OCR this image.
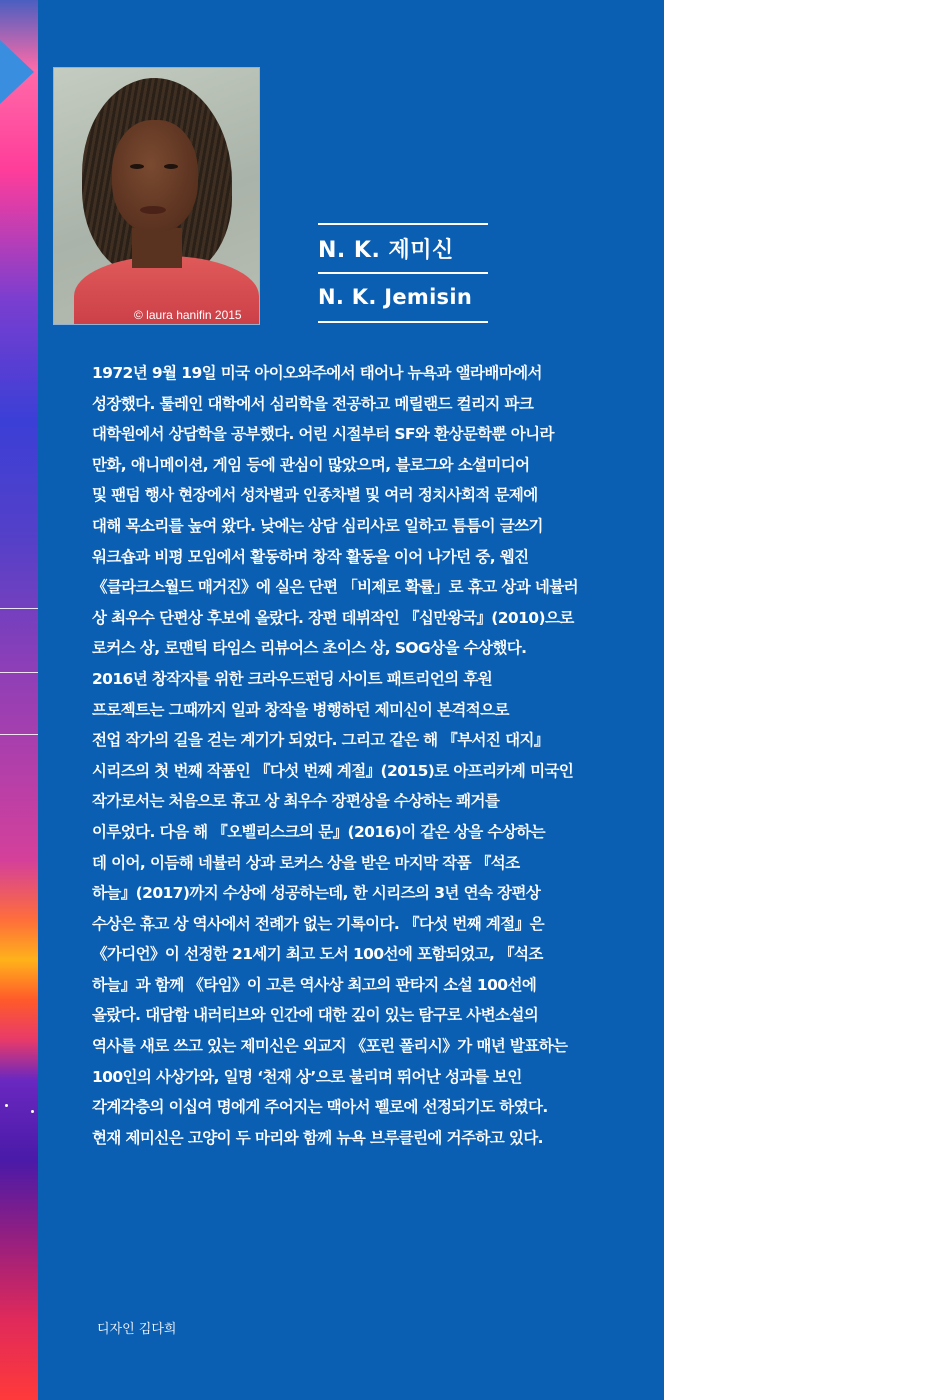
© laura hanifin 2015
N. K. 제미신
N. K. Jemisin

1972년 9월 19일 미국 아이오와주에서 태어나 뉴욕과 앨라배마에서
성장했다. 툴레인 대학에서 심리학을 전공하고 메릴랜드 컬리지 파크
대학원에서 상담학을 공부했다. 어린 시절부터 SF와 환상문학뿐 아니라
만화, 애니메이션, 게임 등에 관심이 많았으며, 블로그와 소셜미디어
및 팬덤 행사 현장에서 성차별과 인종차별 및 여러 정치사회적 문제에
대해 목소리를 높여 왔다. 낮에는 상담 심리사로 일하고 틈틈이 글쓰기
워크숍과 비평 모임에서 활동하며 창작 활동을 이어 나가던 중, 웹진
《클라크스월드 매거진》에 실은 단편 「비제로 확률」로 휴고 상과 네뷸러
상 최우수 단편상 후보에 올랐다. 장편 데뷔작인 『십만왕국』(2010)으로
로커스 상, 로맨틱 타임스 리뷰어스 초이스 상, SOG상을 수상했다.
2016년 창작자를 위한 크라우드펀딩 사이트 패트리언의 후원
프로젝트는 그때까지 일과 창작을 병행하던 제미신이 본격적으로
전업 작가의 길을 걷는 계기가 되었다. 그리고 같은 해 『부서진 대지』
시리즈의 첫 번째 작품인 『다섯 번째 계절』(2015)로 아프리카계 미국인
작가로서는 처음으로 휴고 상 최우수 장편상을 수상하는 쾌거를
이루었다. 다음 해 『오벨리스크의 문』(2016)이 같은 상을 수상하는
데 이어, 이듬해 네뷸러 상과 로커스 상을 받은 마지막 작품 『석조
하늘』(2017)까지 수상에 성공하는데, 한 시리즈의 3년 연속 장편상
수상은 휴고 상 역사에서 전례가 없는 기록이다. 『다섯 번째 계절』은
《가디언》이 선정한 21세기 최고 도서 100선에 포함되었고, 『석조
하늘』과 함께 《타임》이 고른 역사상 최고의 판타지 소설 100선에
올랐다. 대담함 내러티브와 인간에 대한 깊이 있는 탐구로 사변소설의
역사를 새로 쓰고 있는 제미신은 외교지 《포린 폴리시》가 매년 발표하는
100인의 사상가와, 일명 ‘천재 상’으로 불리며 뛰어난 성과를 보인
각계각층의 이십여 명에게 주어지는 맥아서 펠로에 선정되기도 하였다.
현재 제미신은 고양이 두 마리와 함께 뉴욕 브루클린에 거주하고 있다.

디자인 김다희
